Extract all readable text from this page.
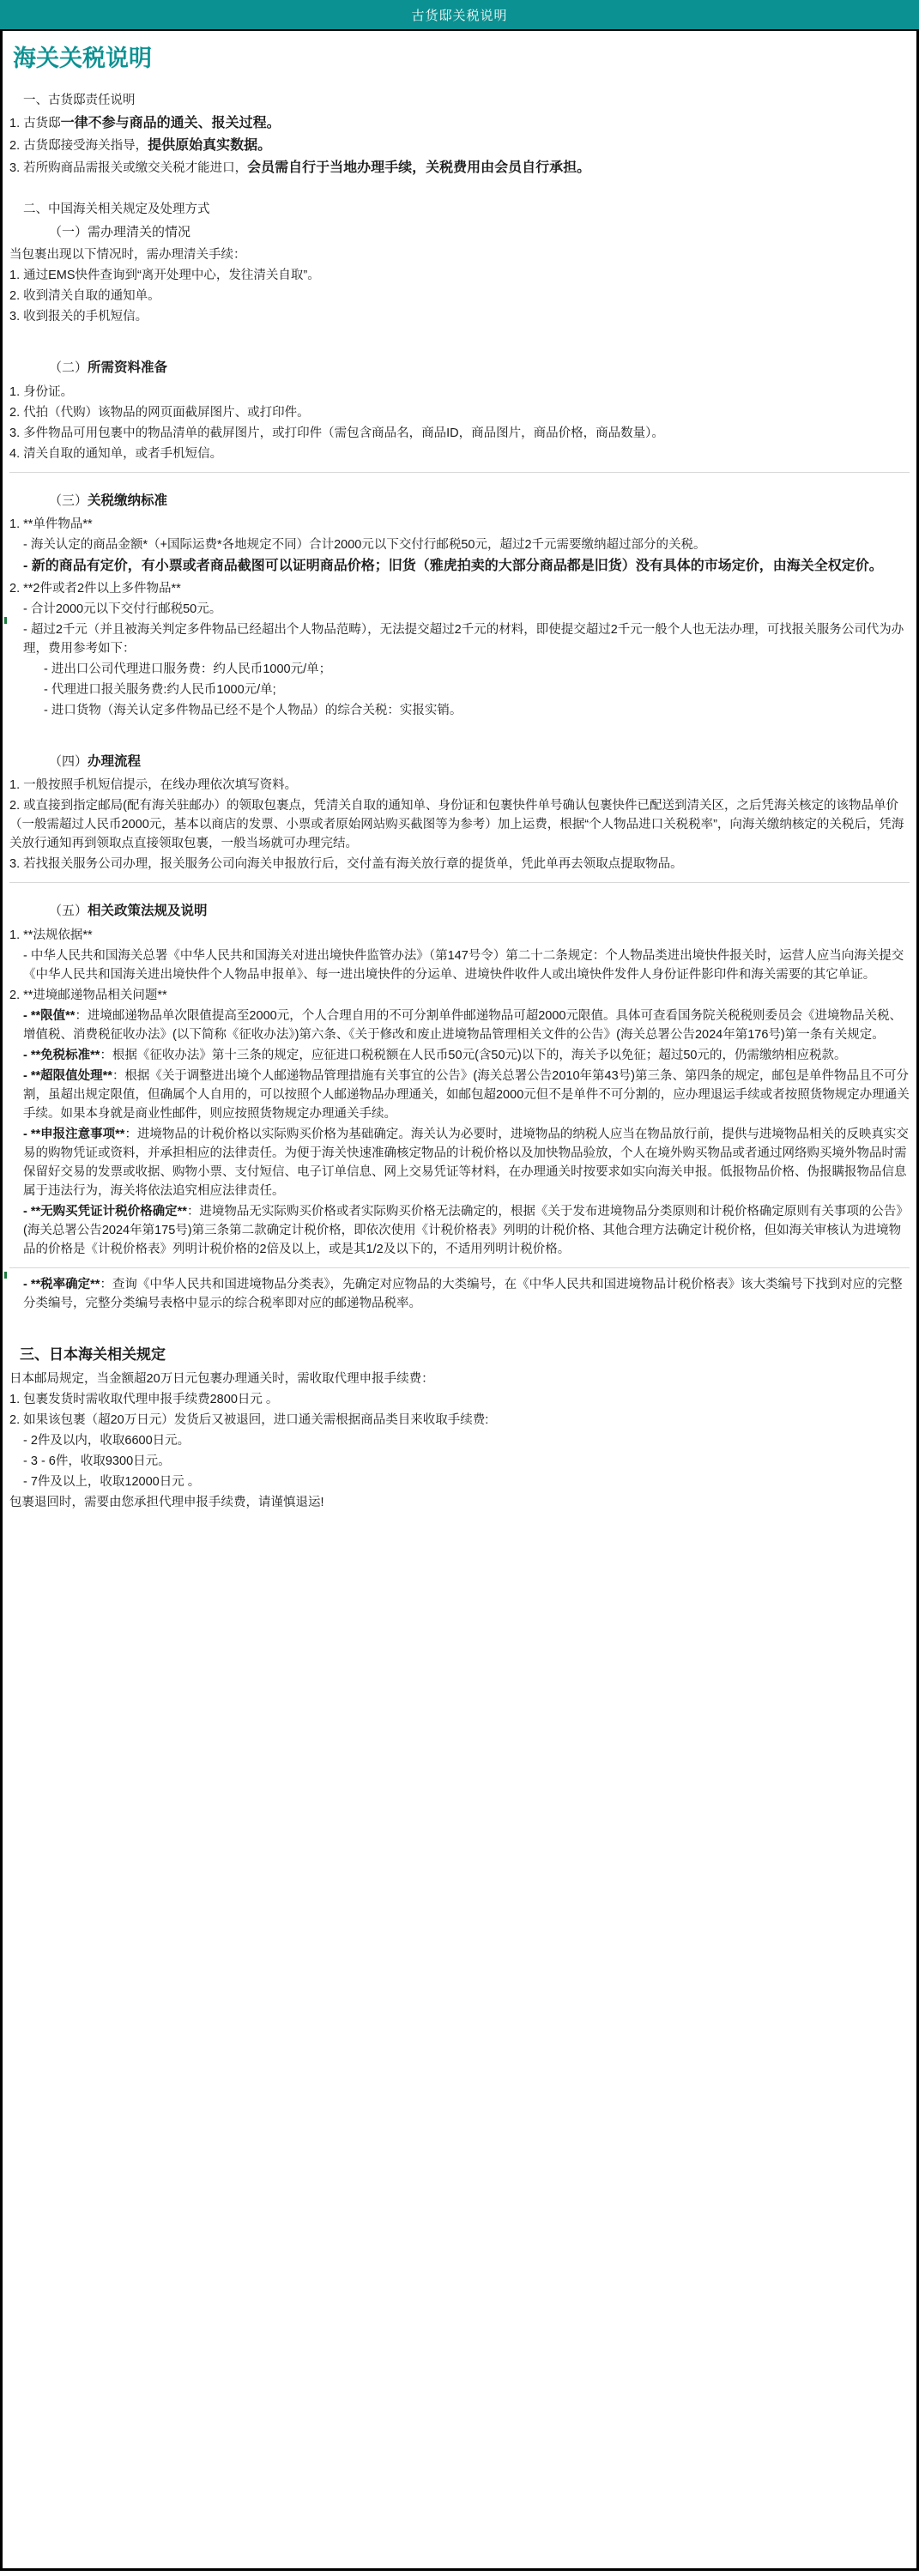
古货邸关税说明
海关关税说明

一、古货邸责任说明

1. 古货邸一律不参与商品的通关、报关过程。

2. 古货邸接受海关指导，提供原始真实数据。

3. 若所购商品需报关或缴交关税才能进口，会员需自行于当地办理手续，关税费用由会员自行承担。

二、中国海关相关规定及处理方式

（一）需办理清关的情况

当包裹出现以下情况时，需办理清关手续：

1. 通过EMS快件查询到“离开处理中心，发往清关自取”。

2. 收到清关自取的通知单。

3. 收到报关的手机短信。

（二）所需资料准备

1. 身份证。

2. 代拍（代购）该物品的网页面截屏图片、或打印件。

3. 多件物品可用包裹中的物品清单的截屏图片，或打印件（需包含商品名，商品ID，商品图片，商品价格，商品数量）。

4. 清关自取的通知单，或者手机短信。

（三）关税缴纳标准

1. **单件物品**

- 海关认定的商品金额*（+国际运费*各地规定不同）合计2000元以下交付行邮税50元，超过2千元需要缴纳超过部分的关税。

- 新的商品有定价，有小票或者商品截图可以证明商品价格；旧货（雅虎拍卖的大部分商品都是旧货）没有具体的市场定价，由海关全权定价。

2. **2件或者2件以上多件物品**

- 合计2000元以下交付行邮税50元。

- 超过2千元（并且被海关判定多件物品已经超出个人物品范畴），无法提交超过2千元的材料，即使提交超过2千元一般个人也无法办理，可找报关服务公司代为办理，费用参考如下：

- 进出口公司代理进口服务费：约人民币1000元/单；

- 代理进口报关服务费:约人民币1000元/单;

- 进口货物（海关认定多件物品已经不是个人物品）的综合关税：实报实销。

（四）办理流程

1. 一般按照手机短信提示，在线办理依次填写资料。

2. 或直接到指定邮局(配有海关驻邮办）的领取包裹点，凭清关自取的通知单、身份证和包裹快件单号确认包裹快件已配送到清关区，之后凭海关核定的该物品单价（一般需超过人民币2000元，基本以商店的发票、小票或者原始网站购买截图等为参考）加上运费，根据“个人物品进口关税税率”，向海关缴纳核定的关税后，凭海关放行通知再到领取点直接领取包裹，一般当场就可办理完结。

3. 若找报关服务公司办理，报关服务公司向海关申报放行后，交付盖有海关放行章的提货单，凭此单再去领取点提取物品。

（五）相关政策法规及说明

1. **法规依据**

- 中华人民共和国海关总署《中华人民共和国海关对进出境快件监管办法》（第147号令）第二十二条规定：个人物品类进出境快件报关时，运营人应当向海关提交《中华人民共和国海关进出境快件个人物品申报单》、每一进出境快件的分运单、进境快件收件人或出境快件发件人身份证件影印件和海关需要的其它单证。

2. **进境邮递物品相关问题**

- **限值**：进境邮递物品单次限值提高至2000元，个人合理自用的不可分割单件邮递物品可超2000元限值。具体可查看国务院关税税则委员会《进境物品关税、增值税、消费税征收办法》(以下简称《征收办法》)第六条、《关于修改和废止进境物品管理相关文件的公告》(海关总署公告2024年第176号)第一条有关规定。

- **免税标准**：根据《征收办法》第十三条的规定，应征进口税税额在人民币50元(含50元)以下的，海关予以免征；超过50元的，仍需缴纳相应税款。

- **超限值处理**：根据《关于调整进出境个人邮递物品管理措施有关事宜的公告》(海关总署公告2010年第43号)第三条、第四条的规定，邮包是单件物品且不可分割，虽超出规定限值，但确属个人自用的，可以按照个人邮递物品办理通关，如邮包超2000元但不是单件不可分割的，应办理退运手续或者按照货物规定办理通关手续。如果本身就是商业性邮件，则应按照货物规定办理通关手续。

- **申报注意事项**：进境物品的计税价格以实际购买价格为基础确定。海关认为必要时，进境物品的纳税人应当在物品放行前，提供与进境物品相关的反映真实交易的购物凭证或资料，并承担相应的法律责任。为便于海关快速准确核定物品的计税价格以及加快物品验放，个人在境外购买物品或者通过网络购买境外物品时需保留好交易的发票或收据、购物小票、支付短信、电子订单信息、网上交易凭证等材料，在办理通关时按要求如实向海关申报。低报物品价格、伪报瞒报物品信息属于违法行为，海关将依法追究相应法律责任。

- **无购买凭证计税价格确定**：进境物品无实际购买价格或者实际购买价格无法确定的，根据《关于发布进境物品分类原则和计税价格确定原则有关事项的公告》(海关总署公告2024年第175号)第三条第二款确定计税价格，即依次使用《计税价格表》列明的计税价格、其他合理方法确定计税价格，但如海关审核认为进境物品的价格是《计税价格表》列明计税价格的2倍及以上，或是其1/2及以下的，不适用列明计税价格。

- **税率确定**：查询《中华人民共和国进境物品分类表》，先确定对应物品的大类编号，在《中华人民共和国进境物品计税价格表》该大类编号下找到对应的完整分类编号，完整分类编号表格中显示的综合税率即对应的邮递物品税率。

三、日本海关相关规定

日本邮局规定，当金额超20万日元包裹办理通关时，需收取代理申报手续费：

1. 包裹发货时需收取代理申报手续费2800日元 。

2. 如果该包裹（超20万日元）发货后又被退回，进口通关需根据商品类目来收取手续费:

- 2件及以内，收取6600日元。

- 3 - 6件，收取9300日元。

- 7件及以上，收取12000日元 。

包裹退回时，需要由您承担代理申报手续费，请谨慎退运!
